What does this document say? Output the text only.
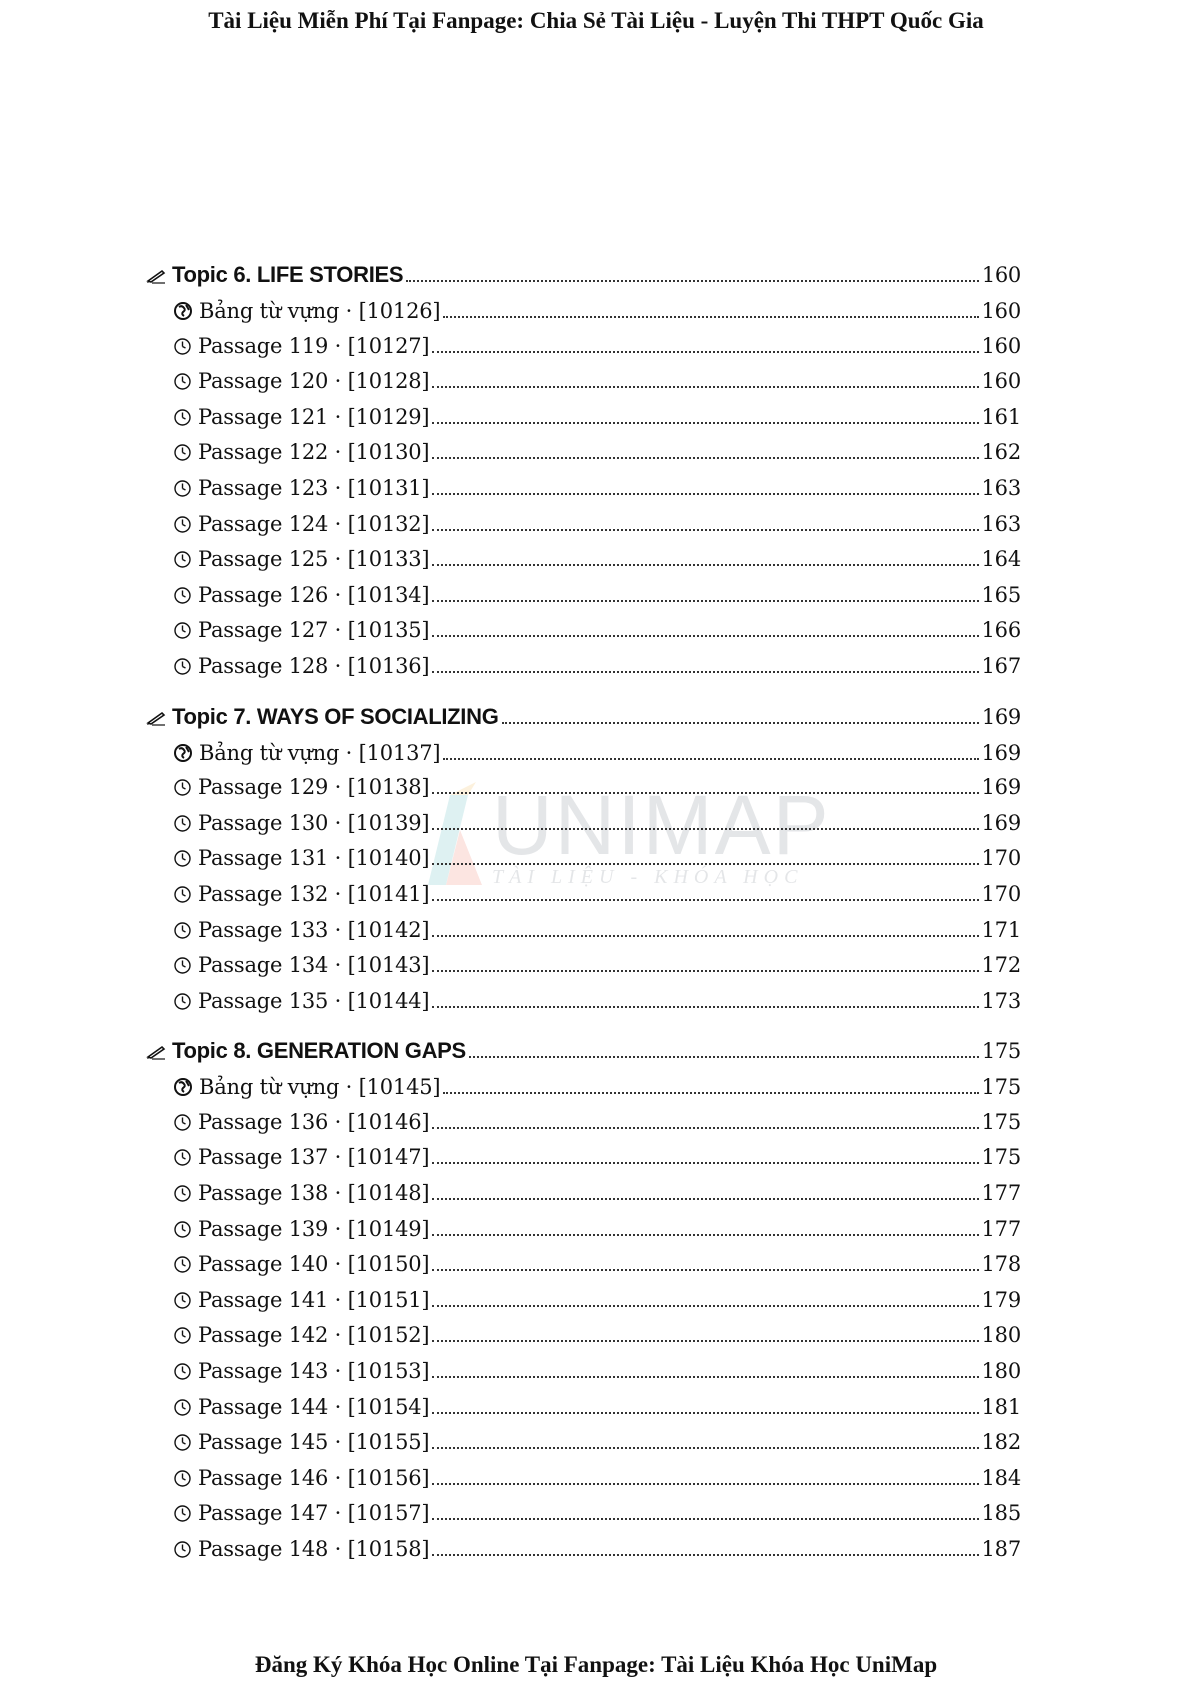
Tài Liệu Miễn Phí Tại Fanpage: Chia Sẻ Tài Liệu - Luyện Thi THPT Quốc Gia
UNIMAP
TÀI LIỆU - KHÓA HỌC
Topic 6. LIFE STORIES	160
Bảng từ vựng · [10126]	160
Passage 119 · [10127]	160
Passage 120 · [10128]	160
Passage 121 · [10129]	161
Passage 122 · [10130]	162
Passage 123 · [10131]	163
Passage 124 · [10132]	163
Passage 125 · [10133]	164
Passage 126 · [10134]	165
Passage 127 · [10135]	166
Passage 128 · [10136]	167
Topic 7. WAYS OF SOCIALIZING	169
Bảng từ vựng · [10137]	169
Passage 129 · [10138]	169
Passage 130 · [10139]	169
Passage 131 · [10140]	170
Passage 132 · [10141]	170
Passage 133 · [10142]	171
Passage 134 · [10143]	172
Passage 135 · [10144]	173
Topic 8. GENERATION GAPS	175
Bảng từ vựng · [10145]	175
Passage 136 · [10146]	175
Passage 137 · [10147]	175
Passage 138 · [10148]	177
Passage 139 · [10149]	177
Passage 140 · [10150]	178
Passage 141 · [10151]	179
Passage 142 · [10152]	180
Passage 143 · [10153]	180
Passage 144 · [10154]	181
Passage 145 · [10155]	182
Passage 146 · [10156]	184
Passage 147 · [10157]	185
Passage 148 · [10158]	187
Đăng Ký Khóa Học Online Tại Fanpage: Tài Liệu Khóa Học UniMap
